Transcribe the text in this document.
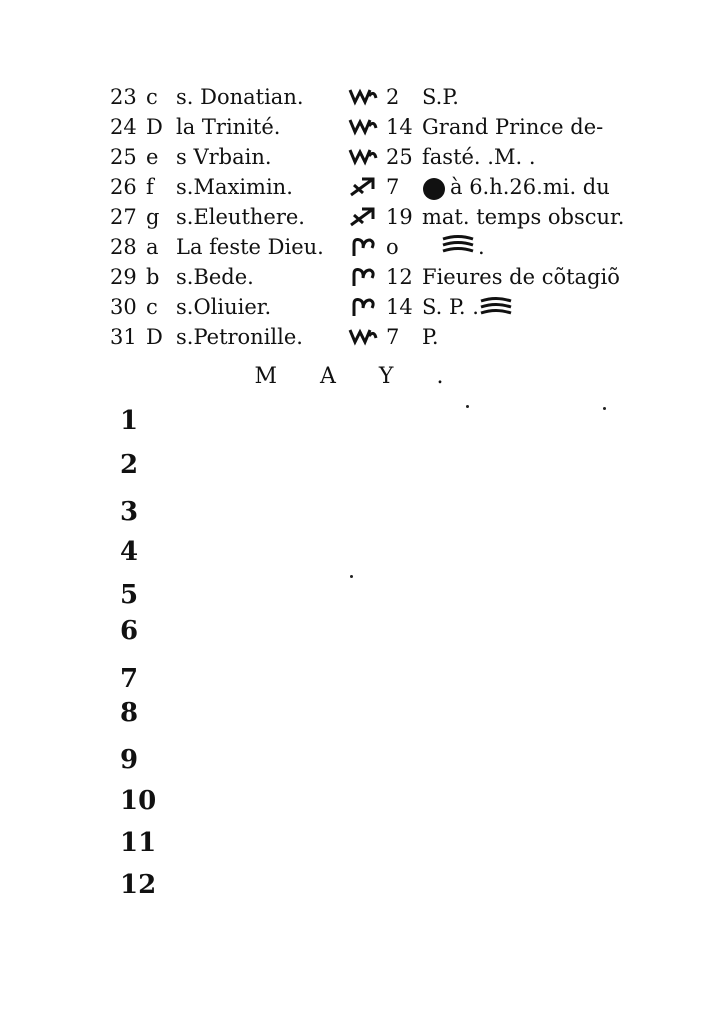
23 c s. Donatian.	2 S.P.
24 D la Trinité.	14 Grand Prince de-
25 e s Vrbain.	25 fasté. .M. .
26 f	s.Maximin.	7	à 6.h.26.mi. du
27 g s.Eleuthere.	19 mat. temps obscur.
28 a La feste Dieu.	o	.
29 b s.Bede.	12 Fieures de cõtagiõ
30 c s.Oliuier.	14 S. P. .
31 D s.Petronille.	7 P.
M A Y .
1
2
3
4
5
6
7
8
9
10
11
12
